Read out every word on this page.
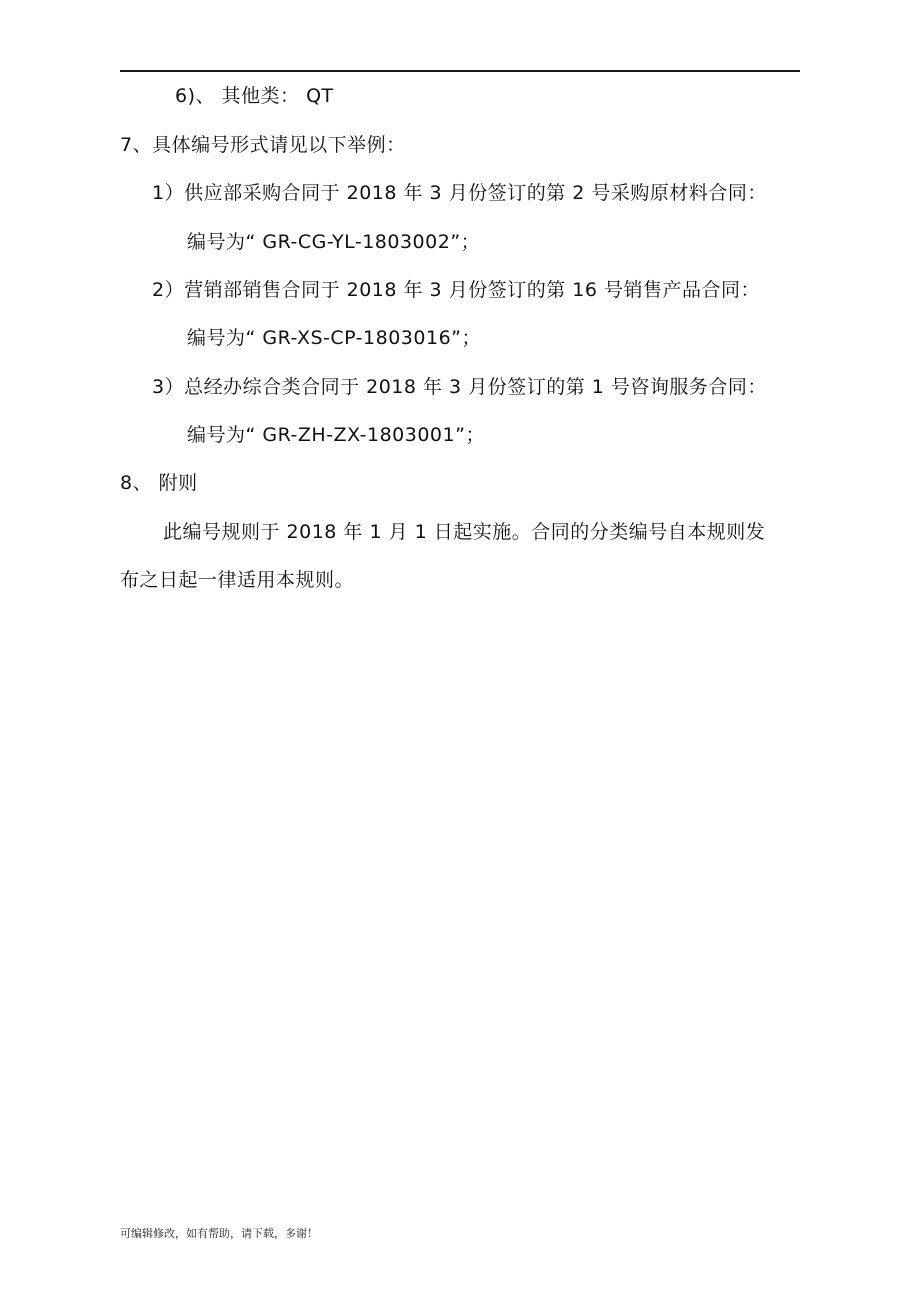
6)、 其他类： QT
7、具体编号形式请见以下举例：
1）供应部采购合同于 2018 年 3 月份签订的第 2 号采购原材料合同：
编号为“ GR-CG-YL-1803002”；
2）营销部销售合同于 2018 年 3 月份签订的第 16 号销售产品合同：
编号为“ GR-XS-CP-1803016”；
3）总经办综合类合同于 2018 年 3 月份签订的第 1 号咨询服务合同：
编号为“ GR-ZH-ZX-1803001”；
8、 附则
此编号规则于 2018 年 1 月 1 日起实施。合同的分类编号自本规则发
布之日起一律适用本规则。
可编辑修改，如有帮助，请下载，多谢！
